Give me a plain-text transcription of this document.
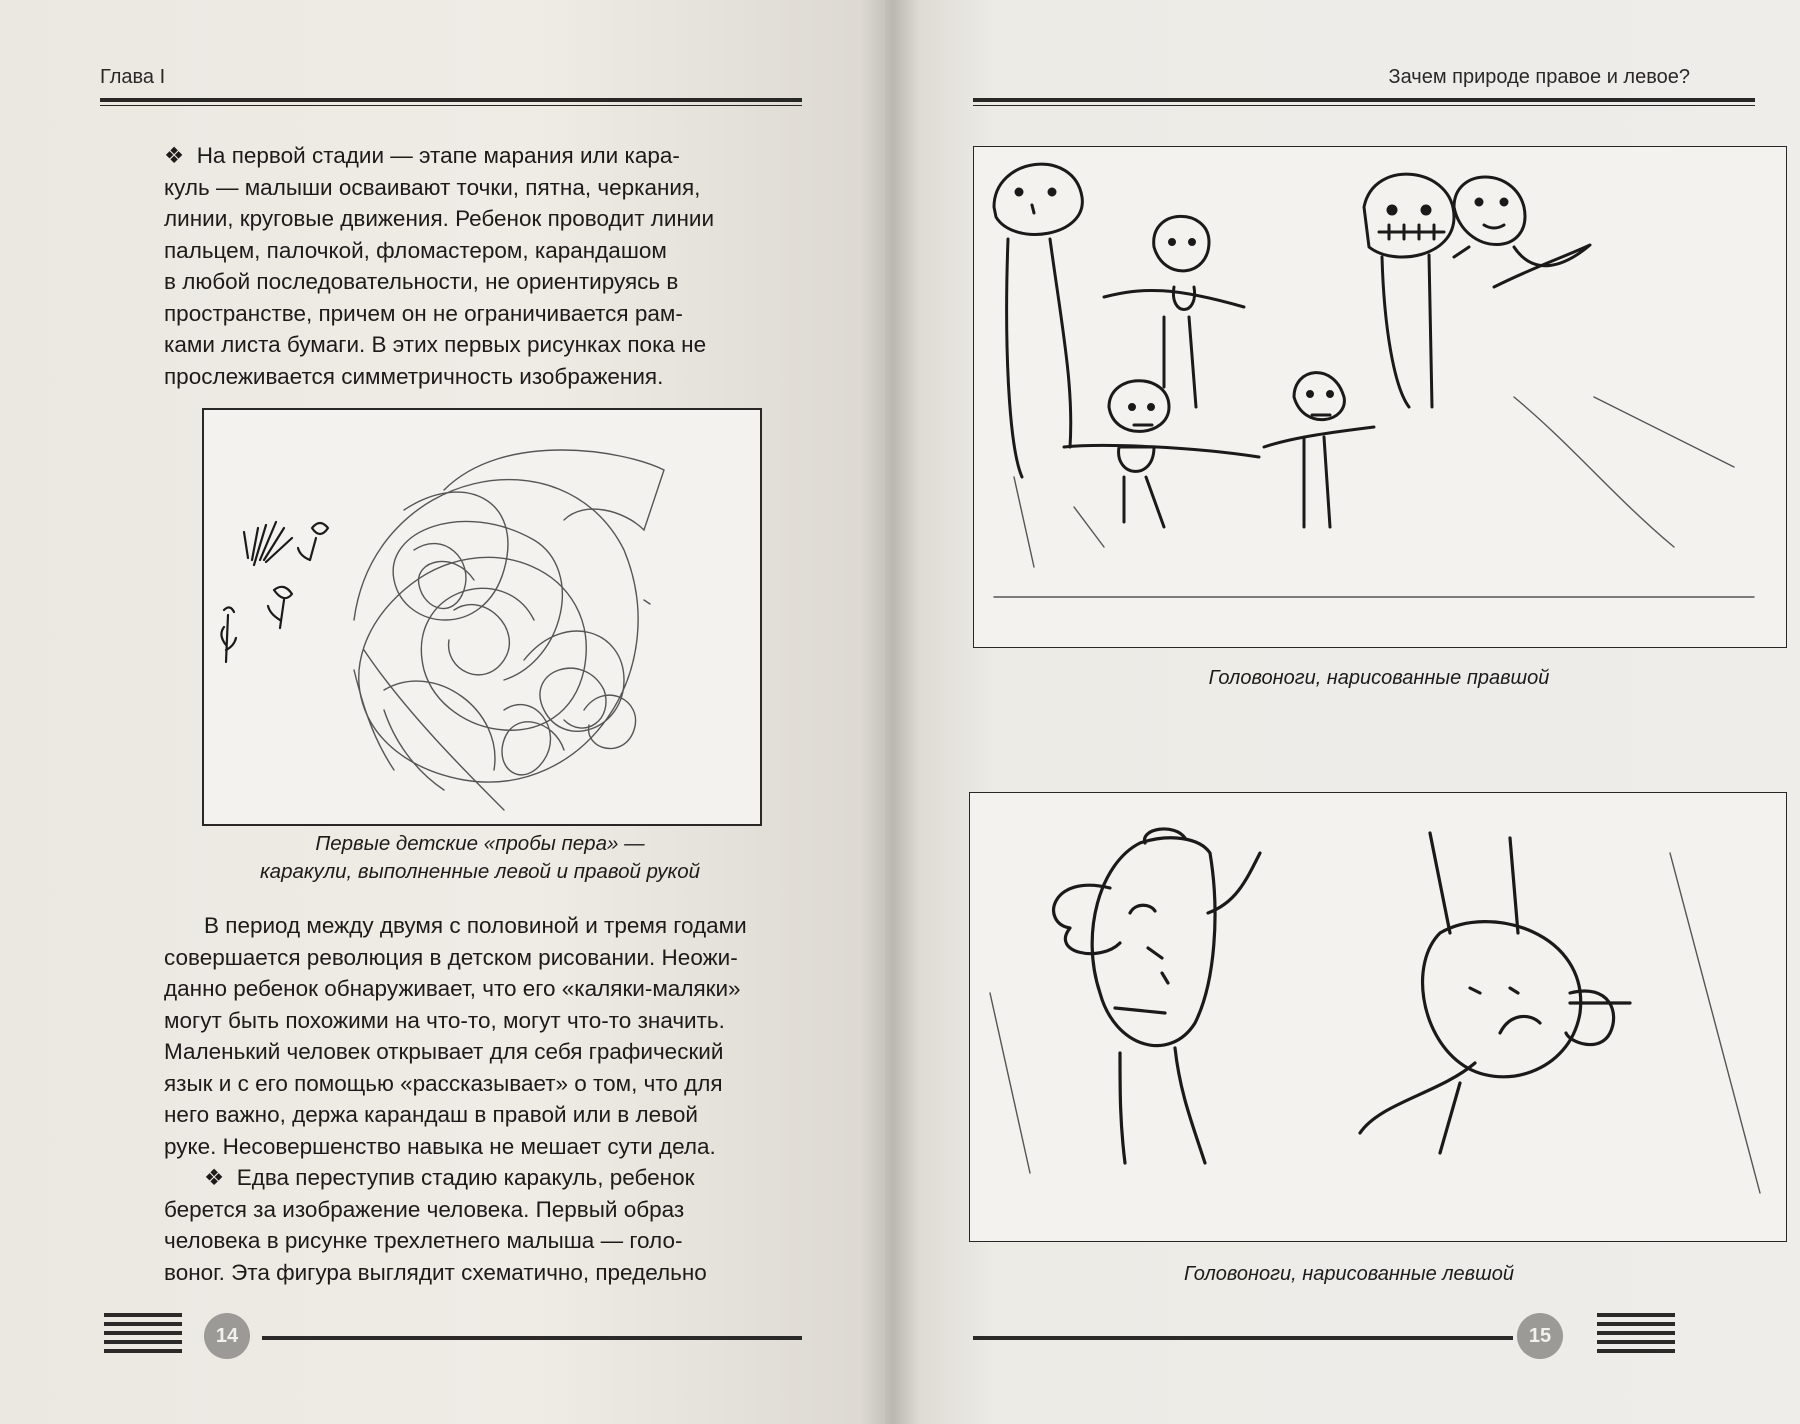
Глава I

❖ На первой стадии — этапе марания или кара-

куль — малыши осваивают точки, пятна, черкания,

линии, круговые движения. Ребенок проводит линии

пальцем, палочкой, фломастером, карандашом

в любой последовательности, не ориентируясь в

пространстве, причем он не ограничивается рам-

ками листа бумаги. В этих первых рисунках пока не

прослеживается симметричность изображения.

Первые детские «пробы пера» —
каракули, выполненные левой и правой рукой

В период между двумя с половиной и тремя годами

совершается революция в детском рисовании. Неожи-

данно ребенок обнаруживает, что его «каляки-маляки»

могут быть похожими на что-то, могут что-то значить.

Маленький человек открывает для себя графический

язык и с его помощью «рассказывает» о том, что для

него важно, держа карандаш в правой или в левой

руке. Несовершенство навыка не мешает сути дела.

❖ Едва переступив стадию каракуль, ребенок

берется за изображение человека. Первый образ

человека в рисунке трехлетнего малыша — голо-

воног. Эта фигура выглядит схематично, предельно

14
Зачем природе правое и левое?
Головоноги, нарисованные правшой
Головоноги, нарисованные левшой
15
